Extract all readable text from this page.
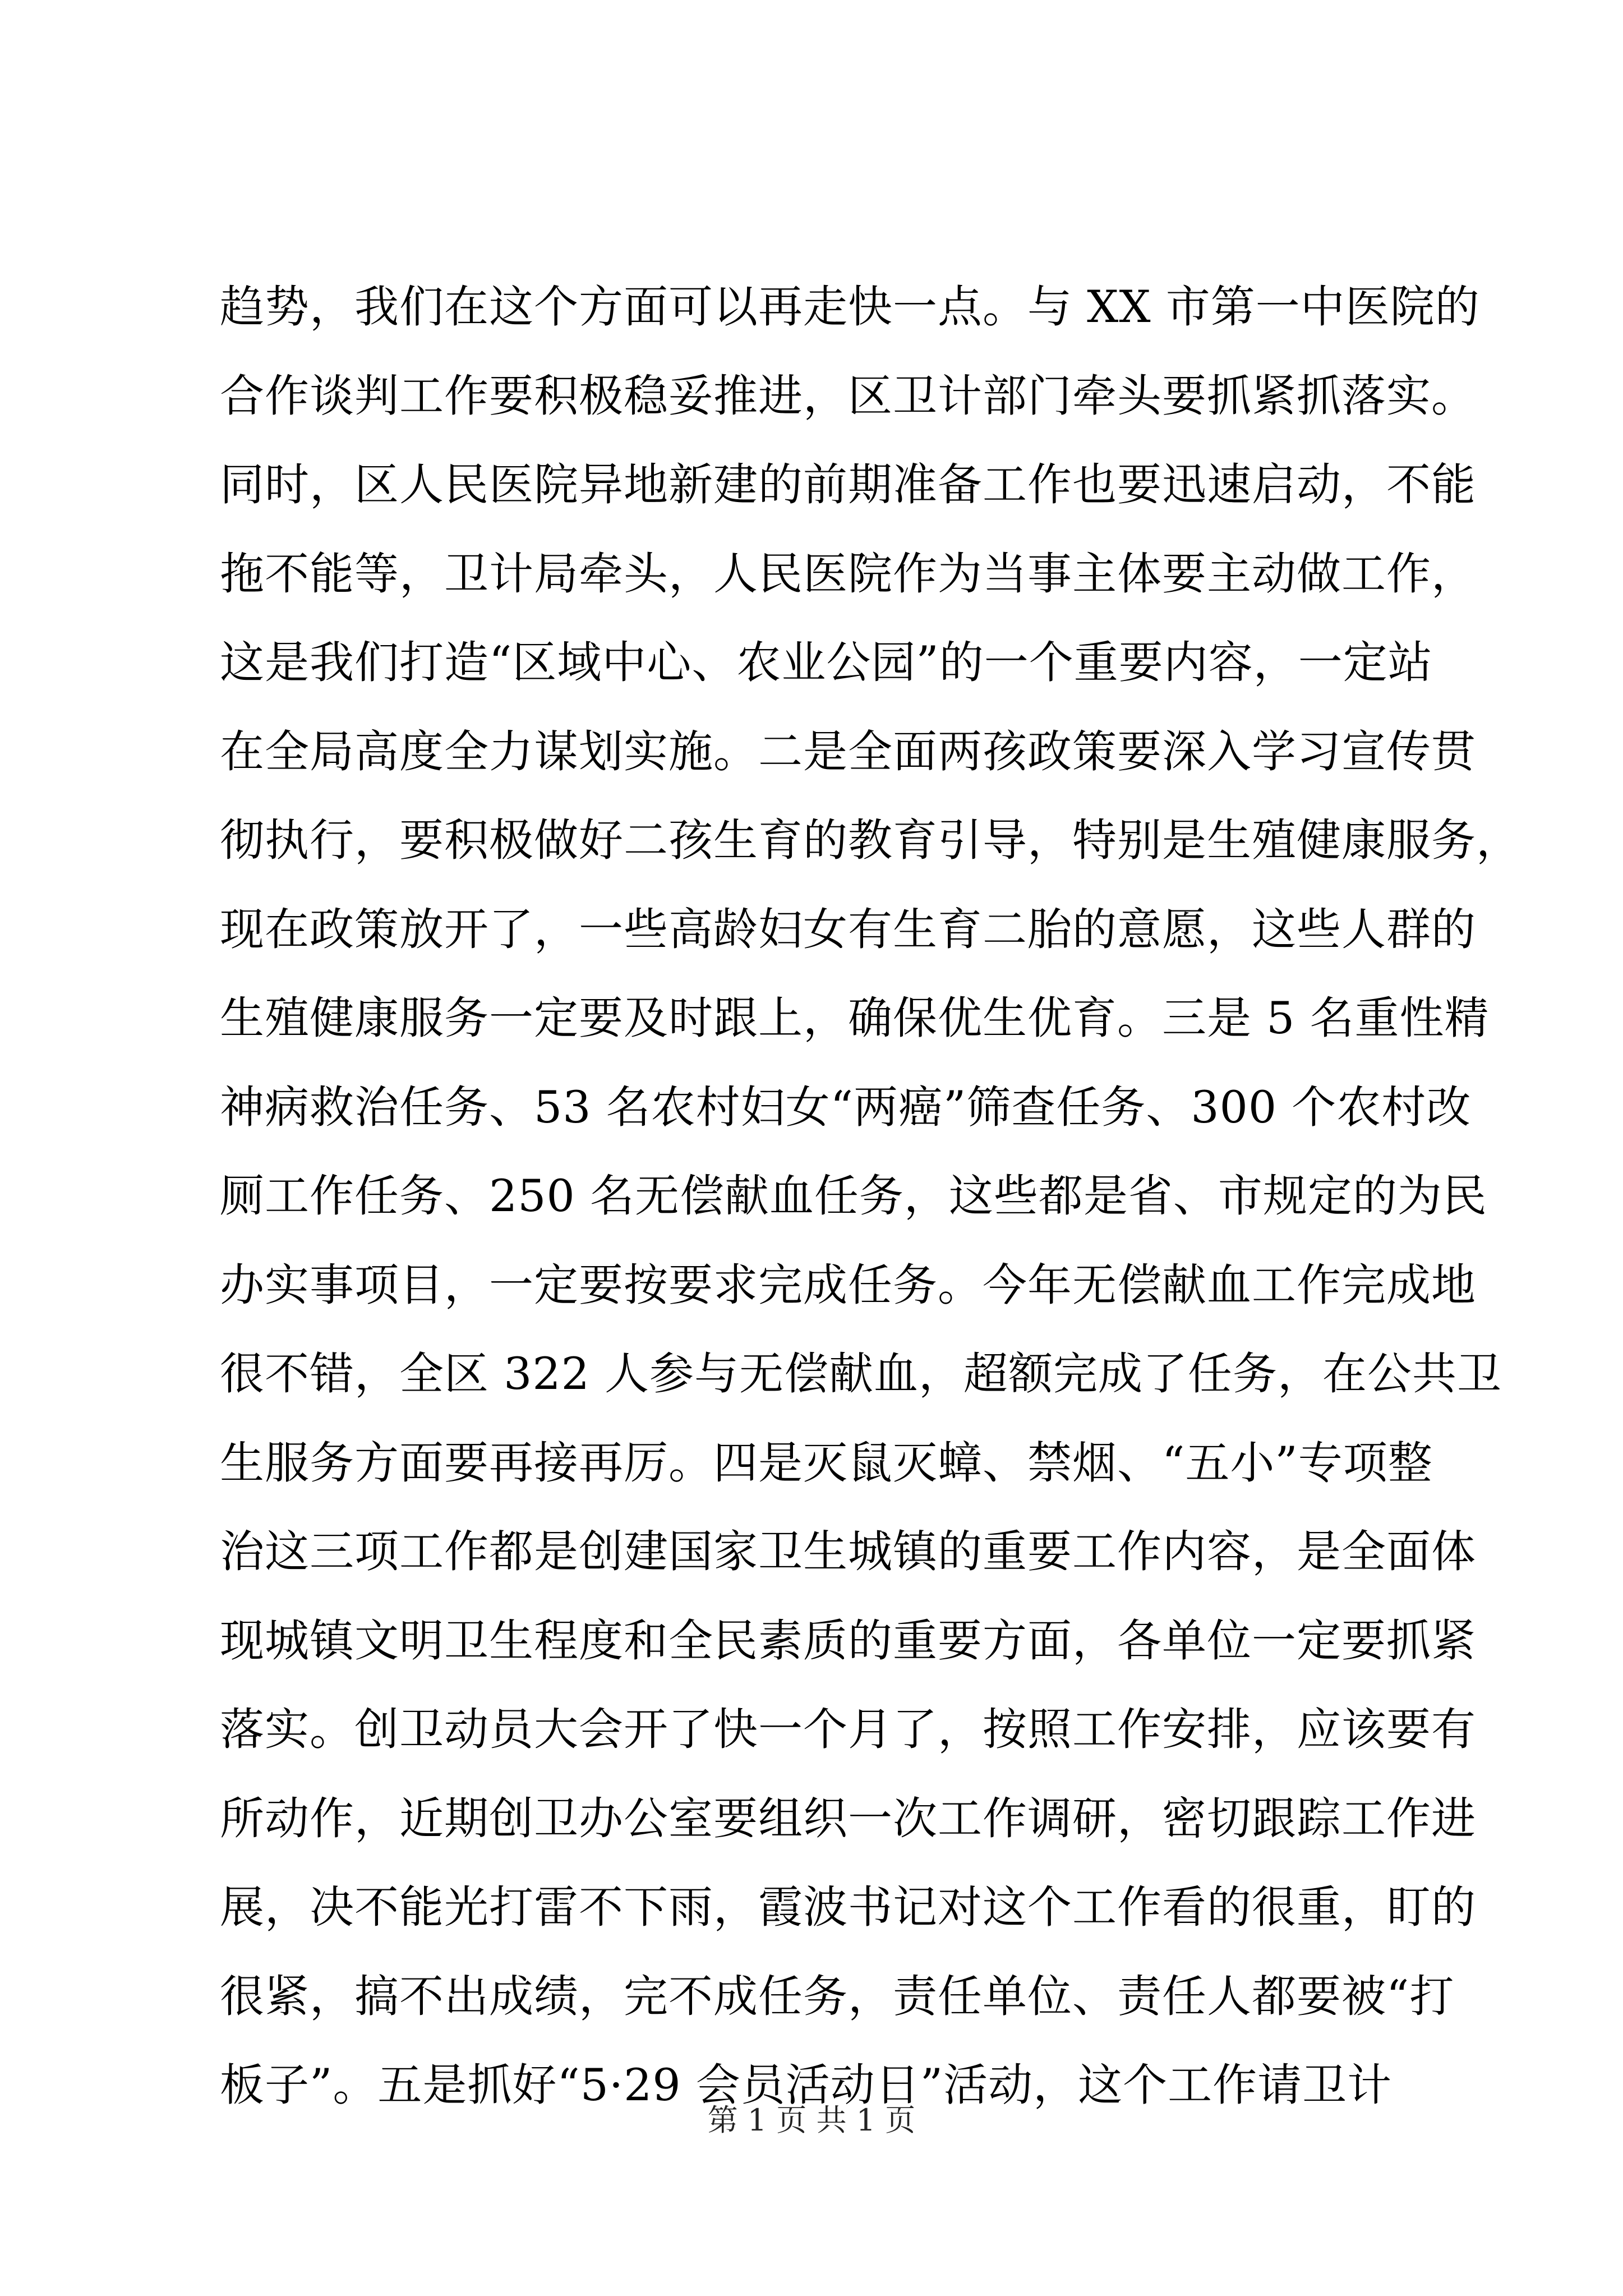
趋势，我们在这个方面可以再走快一点。与 XX 市第一中医院的
合作谈判工作要积极稳妥推进，区卫计部门牵头要抓紧抓落实。
同时，区人民医院异地新建的前期准备工作也要迅速启动，不能
拖不能等，卫计局牵头，人民医院作为当事主体要主动做工作，
这是我们打造“区域中心、农业公园”的一个重要内容，一定站
在全局高度全力谋划实施。二是全面两孩政策要深入学习宣传贯
彻执行，要积极做好二孩生育的教育引导，特别是生殖健康服务，
现在政策放开了，一些高龄妇女有生育二胎的意愿，这些人群的
生殖健康服务一定要及时跟上，确保优生优育。三是 5 名重性精
神病救治任务、53 名农村妇女“两癌”筛查任务、300 个农村改
厕工作任务、250 名无偿献血任务，这些都是省、市规定的为民
办实事项目，一定要按要求完成任务。今年无偿献血工作完成地
很不错，全区 322 人参与无偿献血，超额完成了任务，在公共卫
生服务方面要再接再厉。四是灭鼠灭蟑、禁烟、“五小”专项整
治这三项工作都是创建国家卫生城镇的重要工作内容，是全面体
现城镇文明卫生程度和全民素质的重要方面，各单位一定要抓紧
落实。创卫动员大会开了快一个月了，按照工作安排，应该要有
所动作，近期创卫办公室要组织一次工作调研，密切跟踪工作进
展，决不能光打雷不下雨，霞波书记对这个工作看的很重，盯的
很紧，搞不出成绩，完不成任务，责任单位、责任人都要被“打
板子”。五是抓好“5·29 会员活动日”活动，这个工作请卫计
第 1 页 共 1 页
